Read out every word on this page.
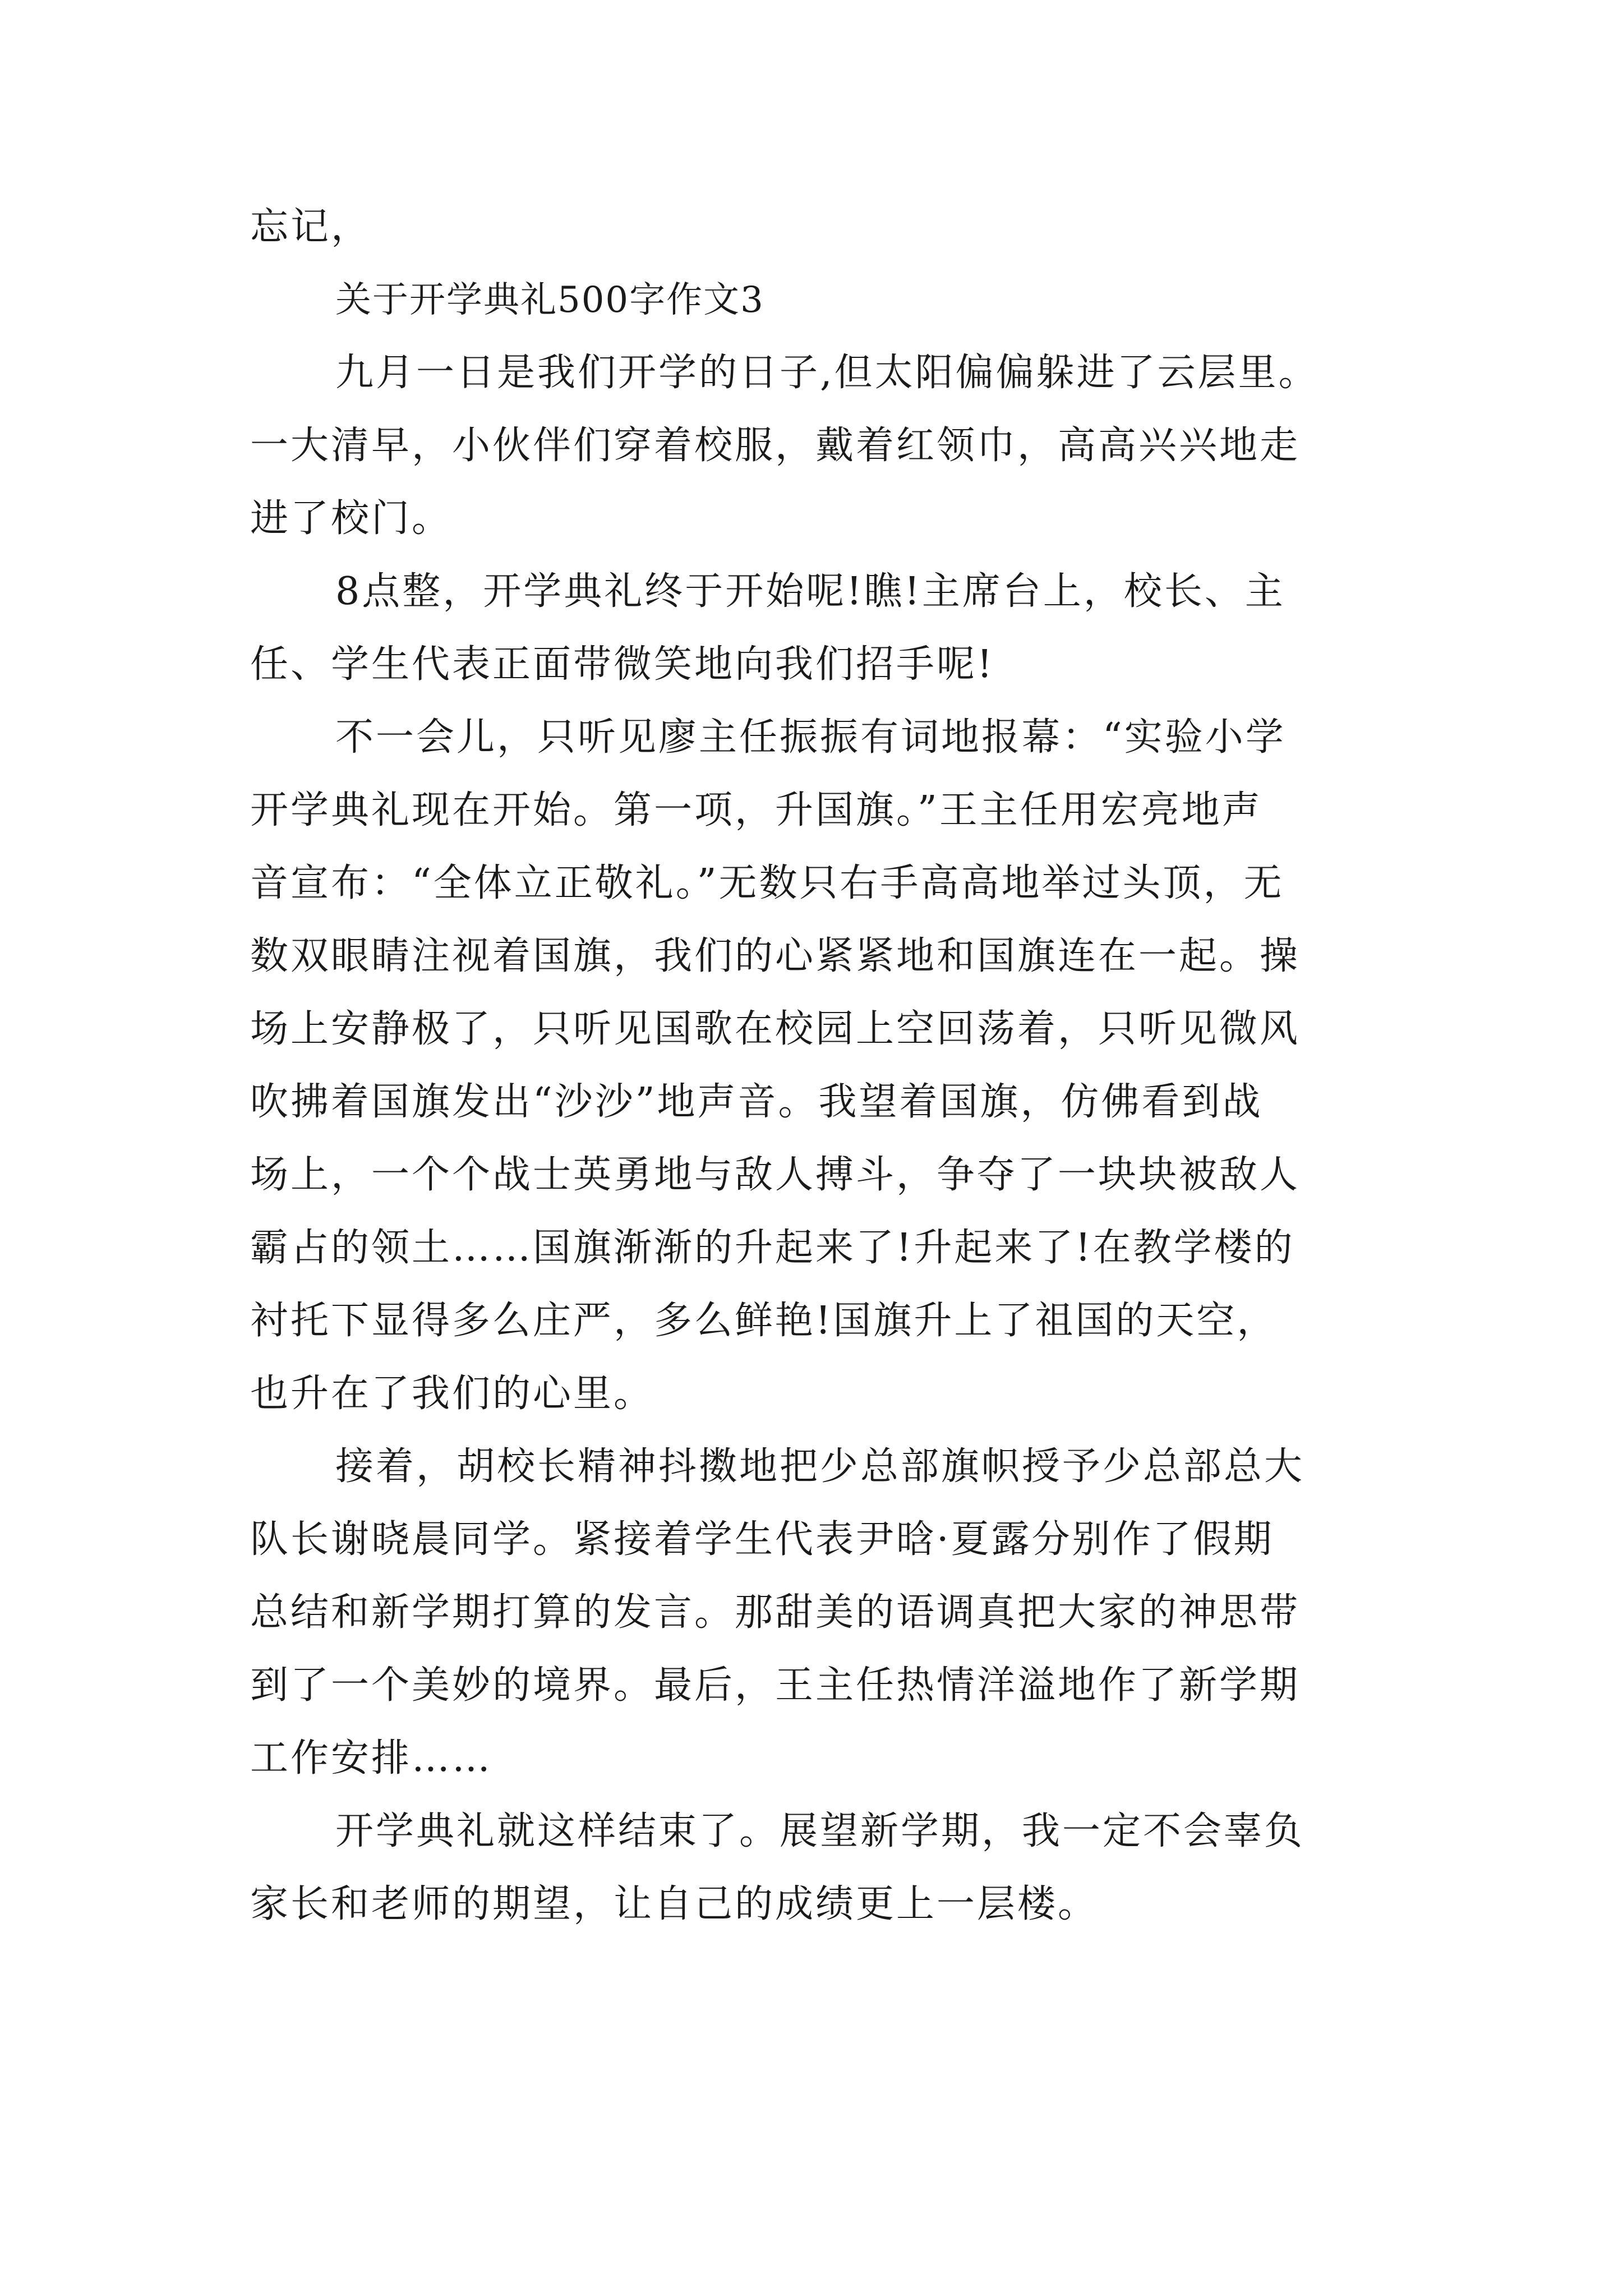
忘记，
关于开学典礼500字作文3
九月一日是我们开学的日子,但太阳偏偏躲进了云层里。
一大清早，小伙伴们穿着校服，戴着红领巾，高高兴兴地走
进了校门。
8点整，开学典礼终于开始呢!瞧!主席台上，校长、主
任、学生代表正面带微笑地向我们招手呢!
不一会儿，只听见廖主任振振有词地报幕：“实验小学
开学典礼现在开始。第一项，升国旗。”王主任用宏亮地声
音宣布：“全体立正敬礼。”无数只右手高高地举过头顶，无
数双眼睛注视着国旗，我们的心紧紧地和国旗连在一起。操
场上安静极了，只听见国歌在校园上空回荡着，只听见微风
吹拂着国旗发出“沙沙”地声音。我望着国旗，仿佛看到战
场上，一个个战士英勇地与敌人搏斗，争夺了一块块被敌人
霸占的领土……国旗渐渐的升起来了!升起来了!在教学楼的
衬托下显得多么庄严，多么鲜艳!国旗升上了祖国的天空，
也升在了我们的心里。
接着，胡校长精神抖擞地把少总部旗帜授予少总部总大
队长谢晓晨同学。紧接着学生代表尹晗·夏露分别作了假期
总结和新学期打算的发言。那甜美的语调真把大家的神思带
到了一个美妙的境界。最后，王主任热情洋溢地作了新学期
工作安排……
开学典礼就这样结束了。展望新学期，我一定不会辜负
家长和老师的期望，让自己的成绩更上一层楼。
